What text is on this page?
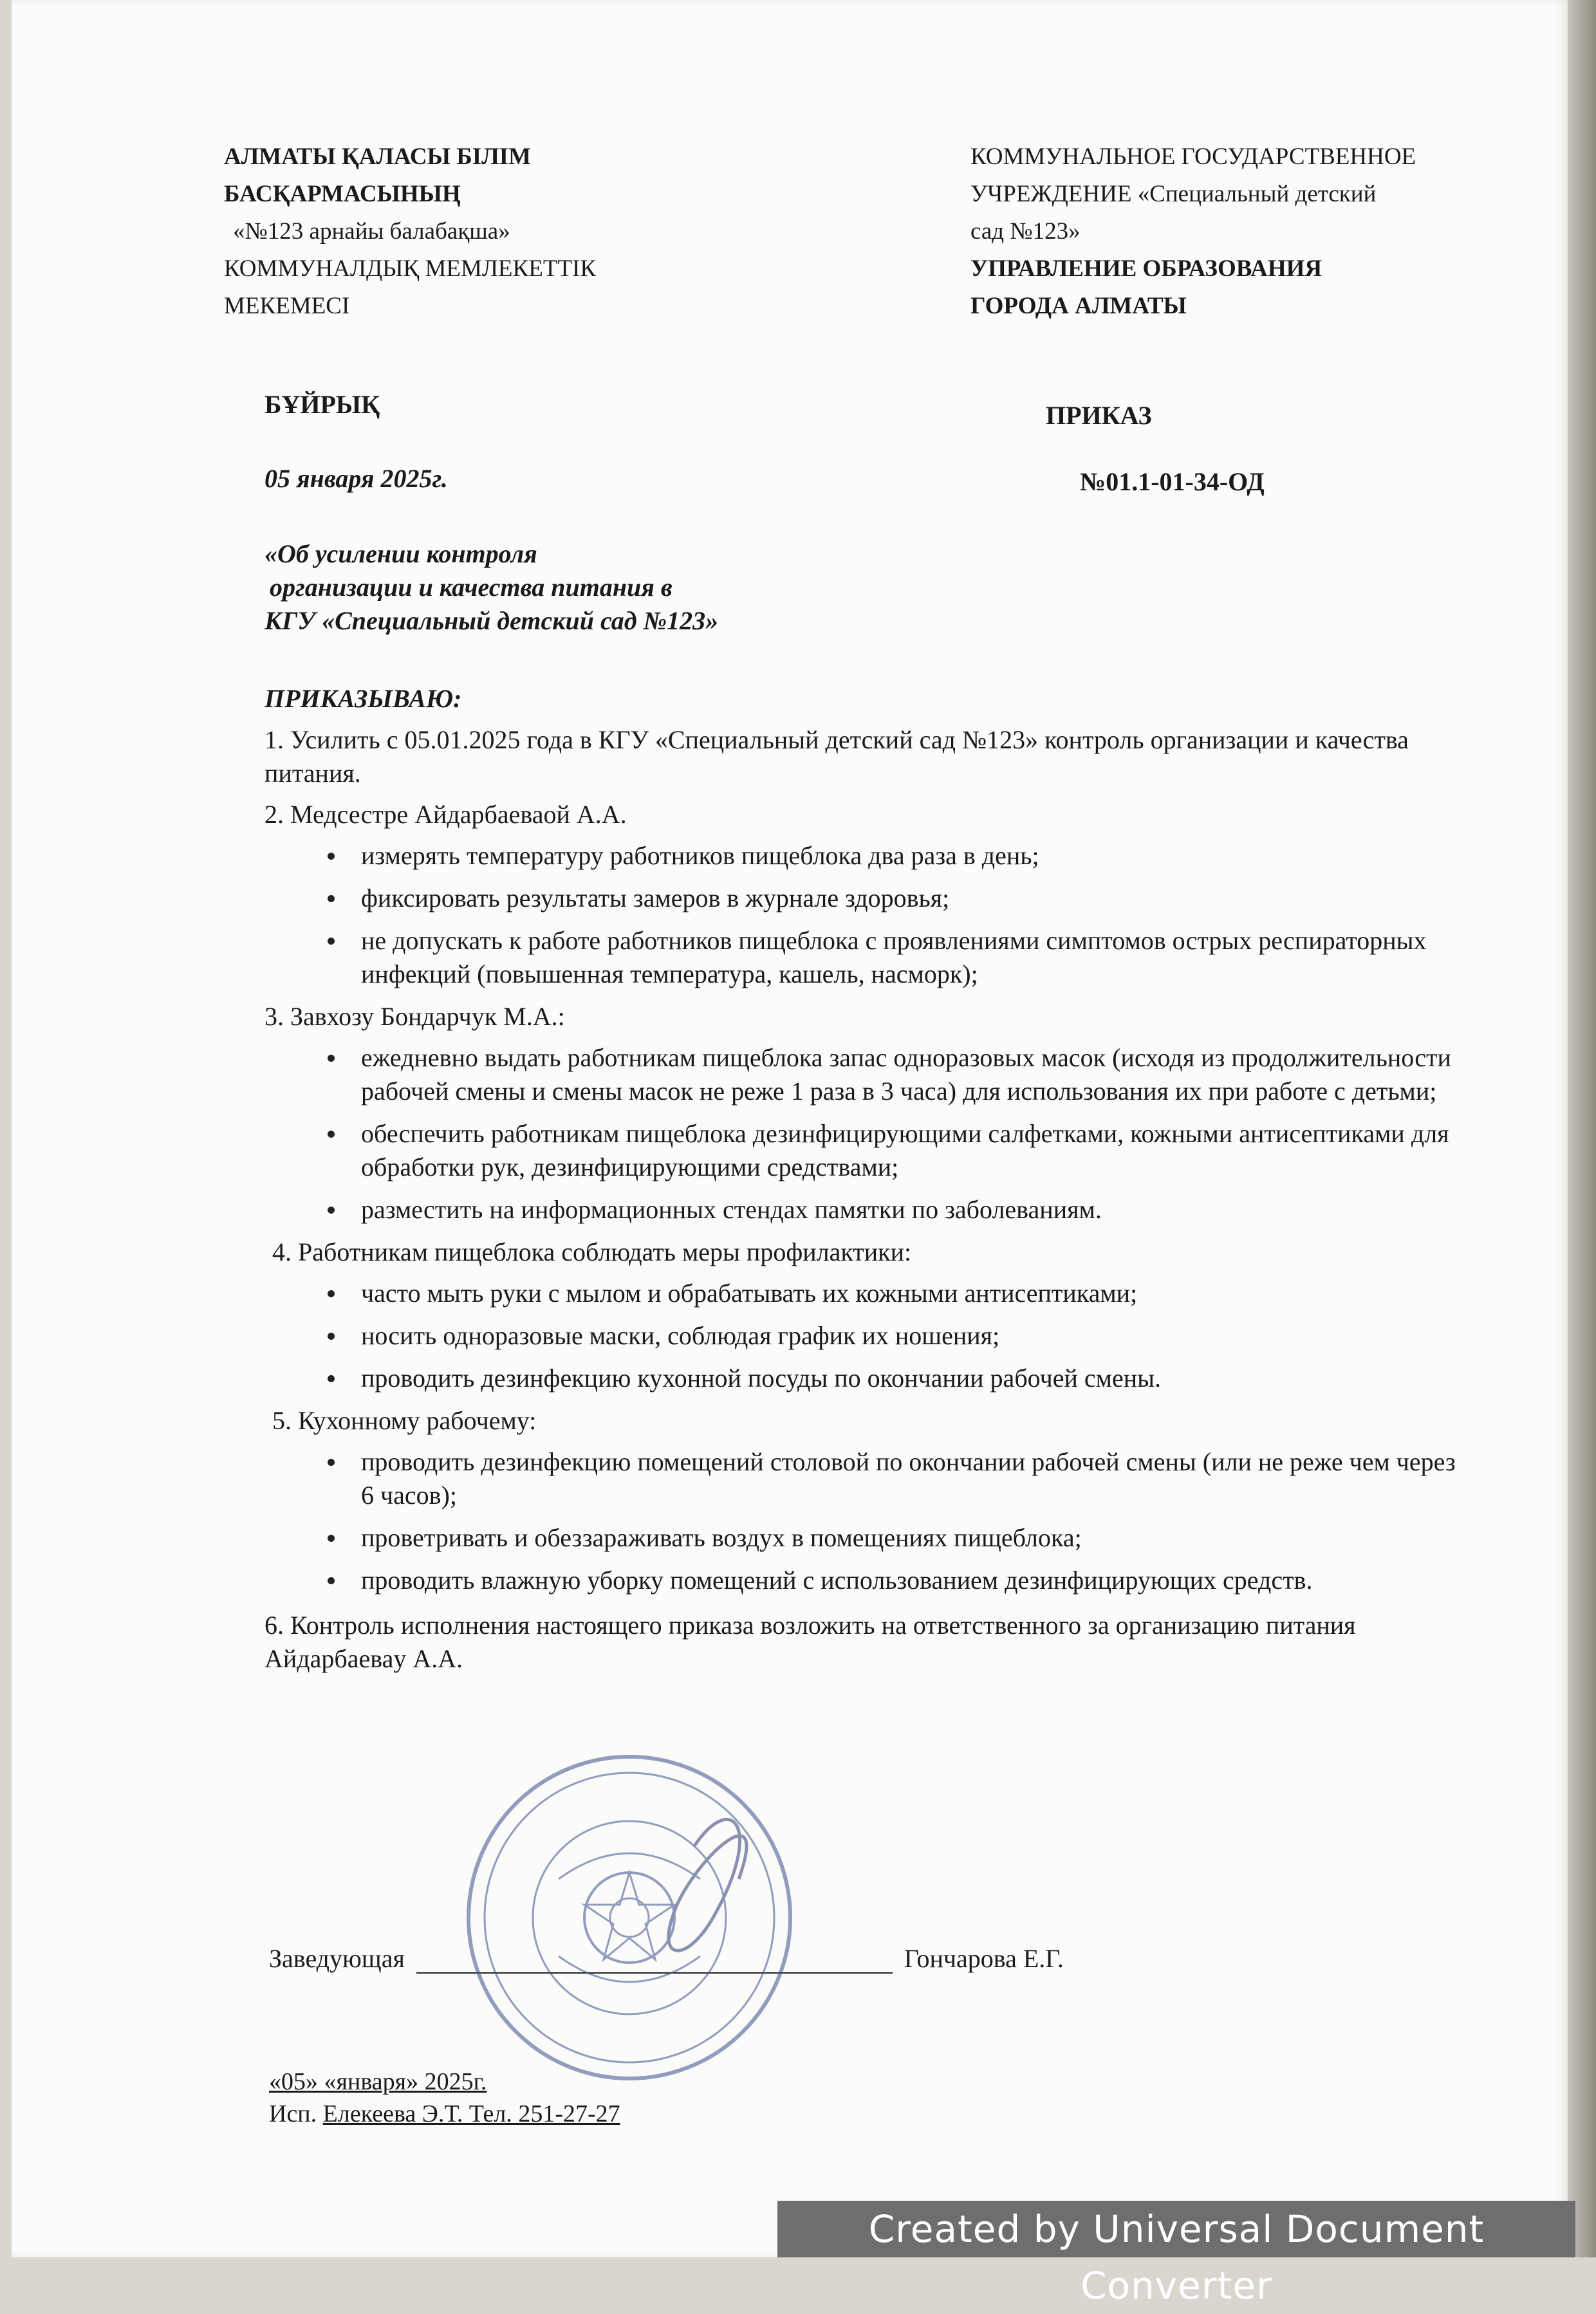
АЛМАТЫ ҚАЛАСЫ БІЛІМ
БАСҚАРМАСЫНЫҢ
«№123 арнайы балабақша»
КОММУНАЛДЫҚ МЕМЛЕКЕТТІК
МЕКЕМЕСІ
КОММУНАЛЬНОЕ ГОСУДАРСТВЕННОЕ
УЧРЕЖДЕНИЕ «Специальный детский
сад №123»
УПРАВЛЕНИЕ ОБРАЗОВАНИЯ
ГОРОДА АЛМАТЫ
БҰЙРЫҚ	ПРИКАЗ
05 января 2025г.	№01.1-01-34-ОД
«Об усилении контроля
организации и качества питания в
КГУ «Специальный детский сад №123»

ПРИКАЗЫВАЮ:

1. Усилить с 05.01.2025 года в КГУ «Специальный детский сад №123» контроль организации и качества питания.

2. Медсестре Айдарбаеваой А.А.

измерять температуру работников пищеблока два раза в день;
фиксировать результаты замеров в журнале здоровья;
не допускать к работе работников пищеблока с проявлениями симптомов острых респираторных инфекций (повышенная температура, кашель, насморк);

3. Завхозу Бондарчук М.А.:

ежедневно выдать работникам пищеблока запас одноразовых масок (исходя из продолжительности рабочей смены и смены масок не реже 1 раза в 3 часа) для использования их при работе с детьми;
обеспечить работникам пищеблока дезинфицирующими салфетками, кожными антисептиками для обработки рук, дезинфицирующими средствами;
разместить на информационных стендах памятки по заболеваниям.

4. Работникам пищеблока соблюдать меры профилактики:

часто мыть руки с мылом и обрабатывать их кожными антисептиками;
носить одноразовые маски, соблюдая график их ношения;
проводить дезинфекцию кухонной посуды по окончании рабочей смены.

5. Кухонному рабочему:

проводить дезинфекцию помещений столовой по окончании рабочей смены (или не реже чем через 6 часов);
проветривать и обеззараживать воздух в помещениях пищеблока;
проводить влажную уборку помещений с использованием дезинфицирующих средств.

6. Контроль исполнения настоящего приказа возложить на ответственного за организацию питания Айдарбаеваy А.А.

Заведующая	Гончарова Е.Г.
«05» «января» 2025г.
Исп. Елекеева Э.Т. Тел. 251-27-27
Created by Universal Document Converter
